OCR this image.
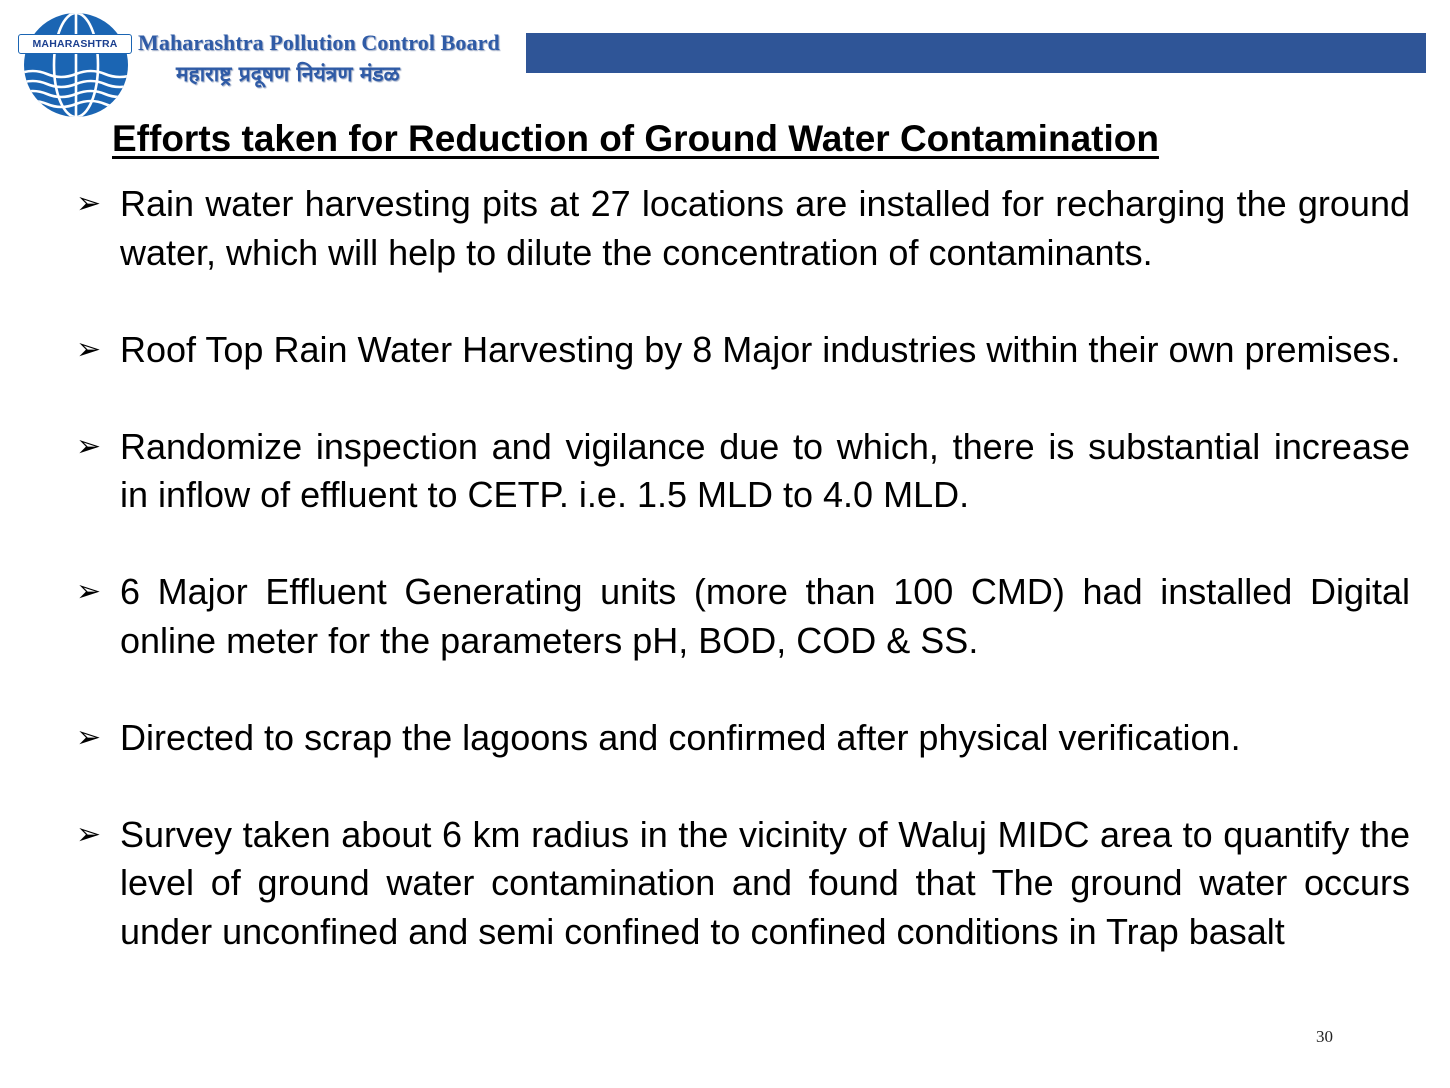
MAHARASHTRA Maharashtra Pollution Control Board
महाराष्ट्र प्रदूषण नियंत्रण मंडळ
Efforts taken for Reduction of Ground Water Contamination
➢ Rain water harvesting pits at 27 locations are installed for recharging the ground water, which will help to dilute the concentration of contaminants.
➢ Roof Top Rain Water Harvesting by 8 Major industries within their own premises.
➢ Randomize inspection and vigilance due to which, there is substantial increase in inflow of effluent to CETP. i.e. 1.5 MLD to 4.0 MLD.
➢ 6 Major Effluent Generating units (more than 100 CMD) had installed Digital online meter for the parameters pH, BOD, COD & SS.
➢ Directed to scrap the lagoons and confirmed after physical verification.
➢ Survey taken about 6 km radius in the vicinity of Waluj MIDC area to quantify the level of ground water contamination and found that The ground water occurs under unconfined and semi confined to confined conditions in Trap basalt
30
